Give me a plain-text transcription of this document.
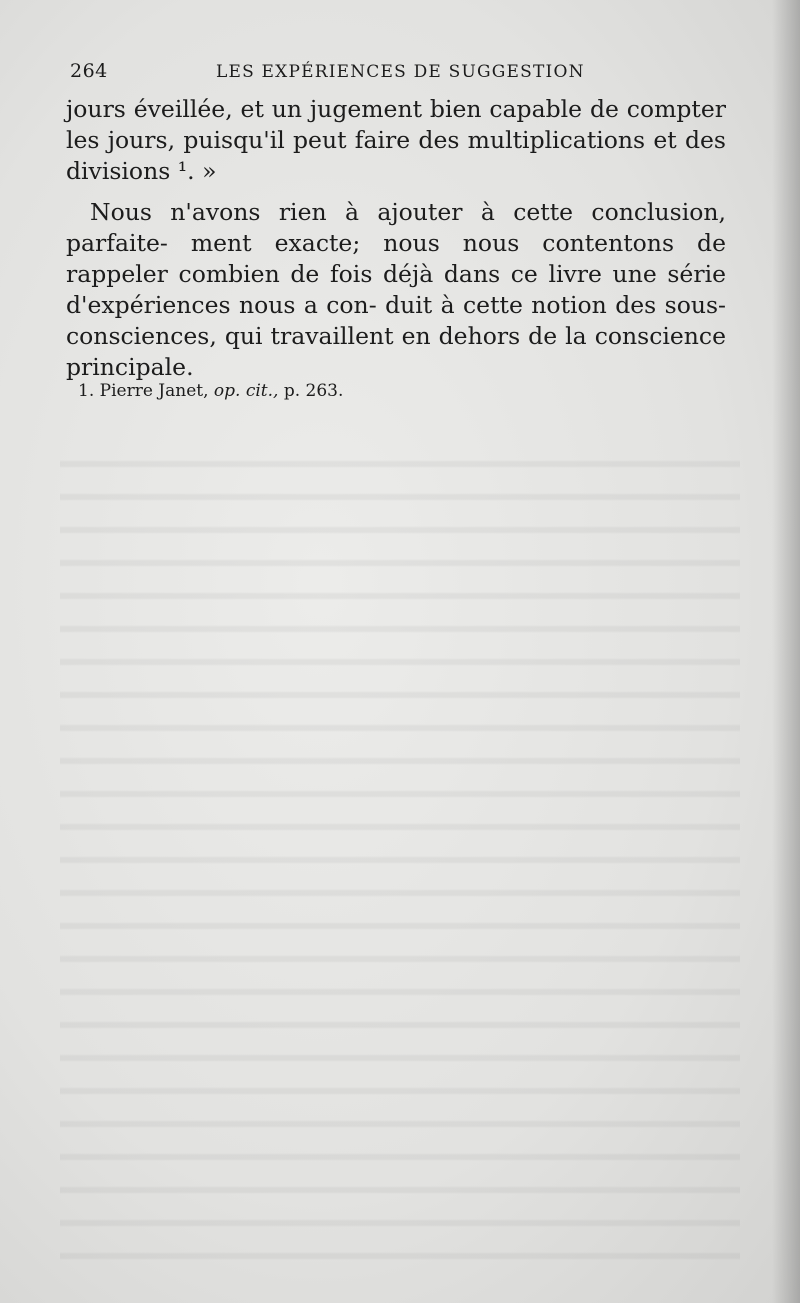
264	LES EXPÉRIENCES DE SUGGESTION

jours éveillée, et un jugement bien capable de compter les jours, puisqu'il peut faire des multiplications et des divisions ¹. »

Nous n'avons rien à ajouter à cette conclusion, parfaite- ment exacte; nous nous contentons de rappeler combien de fois déjà dans ce livre une série d'expériences nous a con- duit à cette notion des sous-consciences, qui travaillent en dehors de la conscience principale.

1. Pierre Janet, op. cit., p. 263.
